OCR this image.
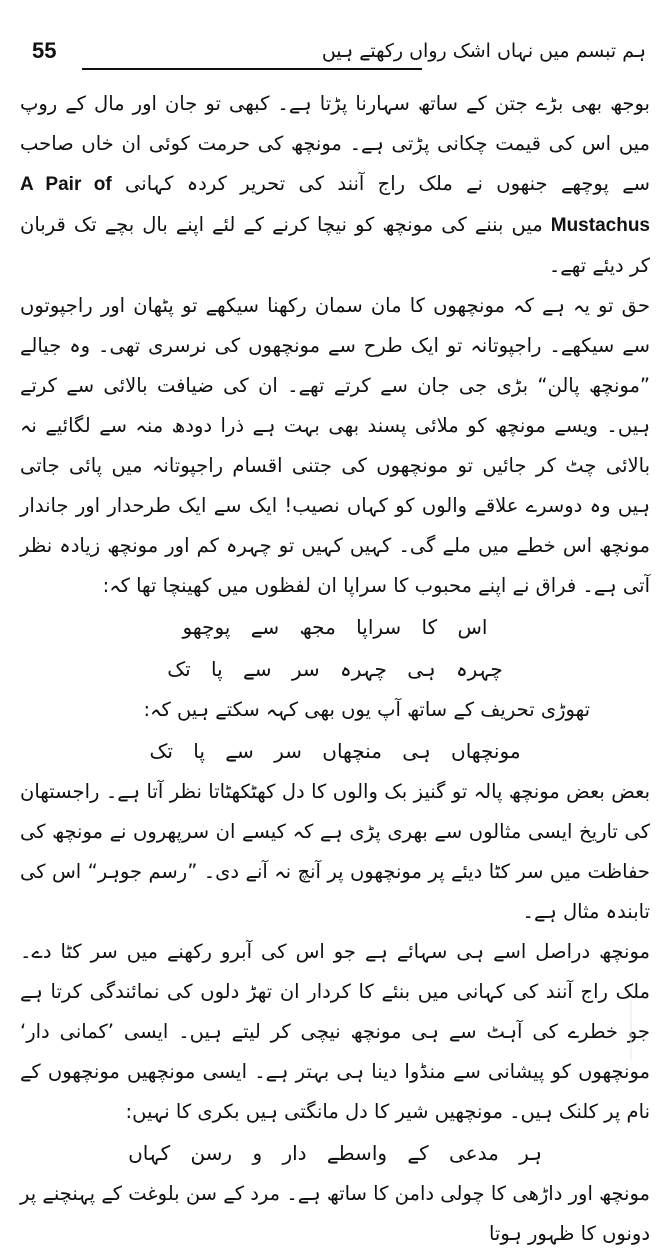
55	ہم تبسم میں نہاں اشک رواں رکھتے ہیں

بوجھ بھی بڑے جتن کے ساتھ سہارنا پڑتا ہے۔ کبھی تو جان اور مال کے روپ میں اس کی قیمت چکانی پڑتی ہے۔ مونچھ کی حرمت کوئی ان خاں صاحب سے پوچھے جنھوں نے ملک راج آنند کی تحریر کردہ کہانی A Pair of Mustachus میں بننے کی مونچھ کو نیچا کرنے کے لئے اپنے بال بچے تک قربان کر دیئے تھے۔

حق تو یہ ہے کہ مونچھوں کا مان سمان رکھنا سیکھے تو پٹھان اور راجپوتوں سے سیکھے۔ راجپوتانہ تو ایک طرح سے مونچھوں کی نرسری تھی۔ وہ جیالے ”مونچھ پالن“ بڑی جی جان سے کرتے تھے۔ ان کی ضیافت بالائی سے کرتے ہیں۔ ویسے مونچھ کو ملائی پسند بھی بہت ہے ذرا دودھ منہ سے لگائیے نہ بالائی چٹ کر جائیں تو مونچھوں کی جتنی اقسام راجپوتانہ میں پائی جاتی ہیں وہ دوسرے علاقے والوں کو کہاں نصیب! ایک سے ایک طرحدار اور جاندار مونچھ اس خطے میں ملے گی۔ کہیں کہیں تو چہرہ کم اور مونچھ زیادہ نظر آتی ہے۔ فراق نے اپنے محبوب کا سراپا ان لفظوں میں کھینچا تھا کہ:

اس کا سراپا مجھ سے پوچھو

چہرہ ہی چہرہ سر سے پا تک

تھوڑی تحریف کے ساتھ آپ یوں بھی کہہ سکتے ہیں کہ:

مونچھاں ہی منچھاں سر سے پا تک

بعض بعض مونچھ پالہ تو گنیز بک والوں کا دل کھٹکھٹاتا نظر آتا ہے۔ راجستھان کی تاریخ ایسی مثالوں سے بھری پڑی ہے کہ کیسے ان سرپھروں نے مونچھ کی حفاظت میں سر کٹا دیئے پر مونچھوں پر آنچ نہ آنے دی۔ ”رسم جوہر“ اس کی تابندہ مثال ہے۔

مونچھ دراصل اسے ہی سہائے ہے جو اس کی آبرو رکھنے میں سر کٹا دے۔ ملک راج آنند کی کہانی میں بنئے کا کردار ان تھڑ دلوں کی نمائندگی کرتا ہے جو خطرے کی آہٹ سے ہی مونچھ نیچی کر لیتے ہیں۔ ایسی ’کمانی دار‘ مونچھوں کو پیشانی سے منڈوا دینا ہی بہتر ہے۔ ایسی مونچھیں مونچھوں کے نام پر کلنک ہیں۔ مونچھیں شیر کا دل مانگتی ہیں بکری کا نہیں:

ہر مدعی کے واسطے دار و رسن کہاں

مونچھ اور داڑھی کا چولی دامن کا ساتھ ہے۔ مرد کے سن بلوغت کے پہنچنے پر دونوں کا ظہور ہوتا
